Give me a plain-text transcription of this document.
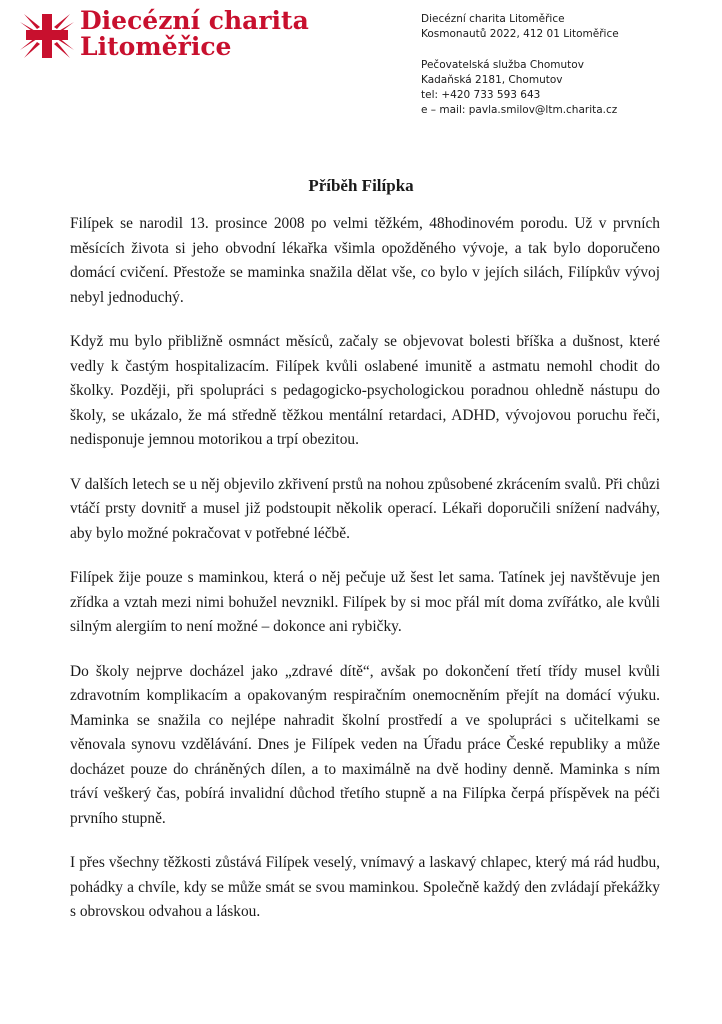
Diecézní charita
Litoměřice
Diecézní charita Litoměřice
Kosmonautů 2022, 412 01 Litoměřice
Pečovatelská služba Chomutov
Kadaňská 2181, Chomutov
tel: +420 733 593 643
e – mail: pavla.smilov@ltm.charita.cz
Příběh Filípka

Filípek se narodil 13. prosince 2008 po velmi těžkém, 48hodinovém porodu. Už v prvních měsících života si jeho obvodní lékařka všimla opožděného vývoje, a tak bylo doporučeno domácí cvičení. Přestože se maminka snažila dělat vše, co bylo v jejích silách, Filípkův vývoj nebyl jednoduchý.

Když mu bylo přibližně osmnáct měsíců, začaly se objevovat bolesti bříška a dušnost, které vedly k častým hospitalizacím. Filípek kvůli oslabené imunitě a astmatu nemohl chodit do školky. Později, při spolupráci s pedagogicko-psychologickou poradnou ohledně nástupu do školy, se ukázalo, že má středně těžkou mentální retardaci, ADHD, vývojovou poruchu řeči, nedisponuje jemnou motorikou a trpí obezitou.

V dalších letech se u něj objevilo zkřivení prstů na nohou způsobené zkrácením svalů. Při chůzi vtáčí prsty dovnitř a musel již podstoupit několik operací. Lékaři doporučili snížení nadváhy, aby bylo možné pokračovat v potřebné léčbě.

Filípek žije pouze s maminkou, která o něj pečuje už šest let sama. Tatínek jej navštěvuje jen zřídka a vztah mezi nimi bohužel nevznikl. Filípek by si moc přál mít doma zvířátko, ale kvůli silným alergiím to není možné – dokonce ani rybičky.

Do školy nejprve docházel jako „zdravé dítě“, avšak po dokončení třetí třídy musel kvůli zdravotním komplikacím a opakovaným respiračním onemocněním přejít na domácí výuku. Maminka se snažila co nejlépe nahradit školní prostředí a ve spolupráci s učitelkami se věnovala synovu vzdělávání. Dnes je Filípek veden na Úřadu práce České republiky a může docházet pouze do chráněných dílen, a to maximálně na dvě hodiny denně. Maminka s ním tráví veškerý čas, pobírá invalidní důchod třetího stupně a na Filípka čerpá příspěvek na péči prvního stupně.

I přes všechny těžkosti zůstává Filípek veselý, vnímavý a laskavý chlapec, který má rád hudbu, pohádky a chvíle, kdy se může smát se svou maminkou. Společně každý den zvládají překážky s obrovskou odvahou a láskou.
